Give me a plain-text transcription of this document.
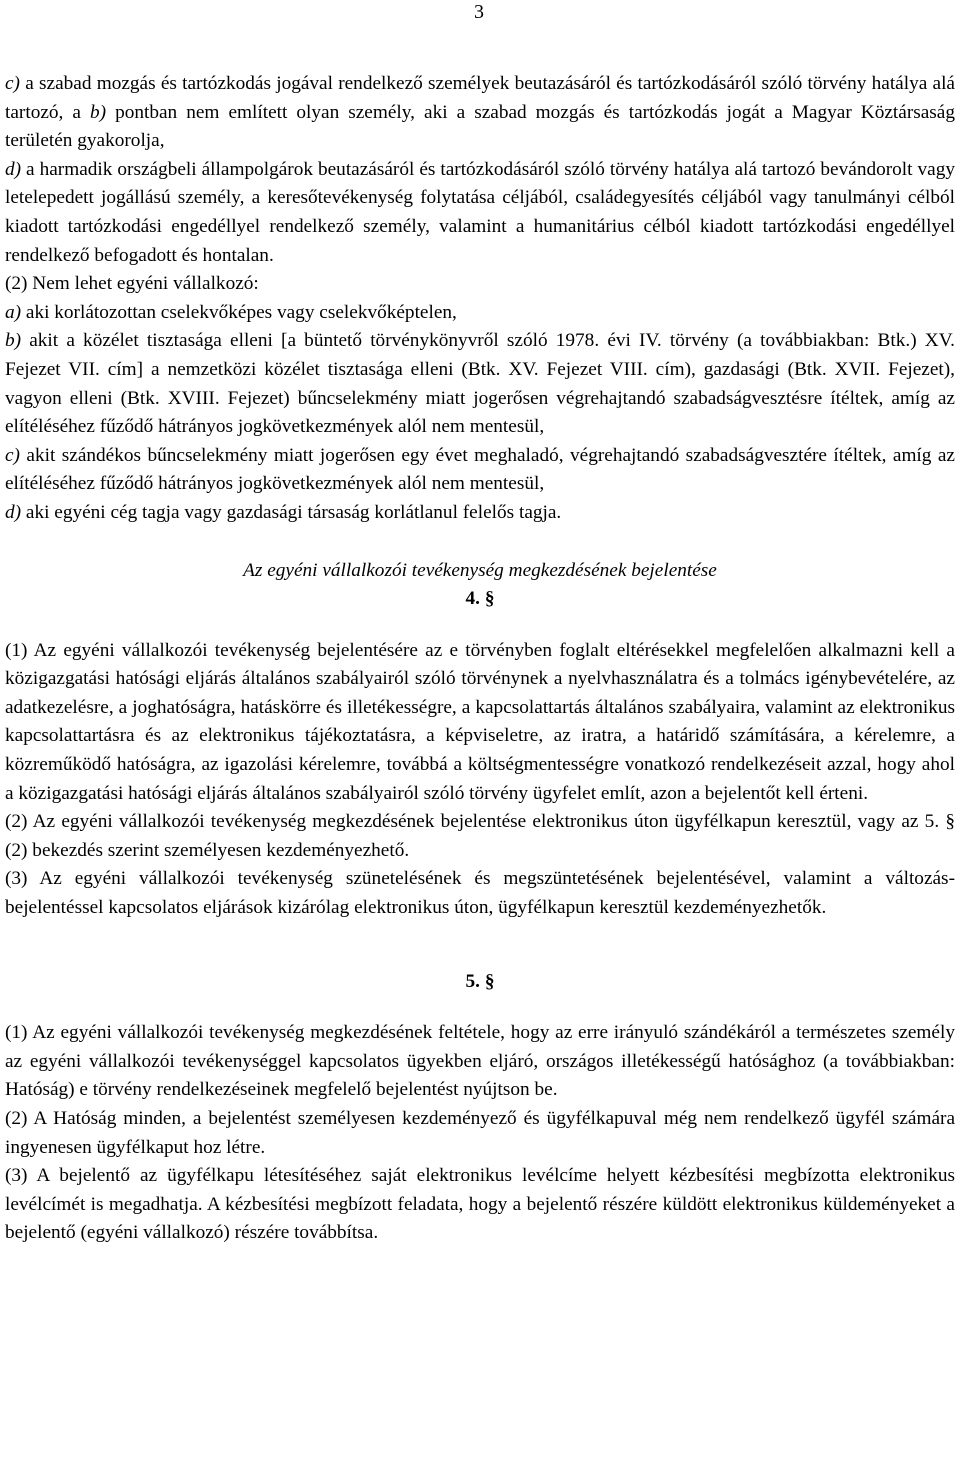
3

c) a szabad mozgás és tartózkodás jogával rendelkező személyek beutazásáról és tartózkodásáról szóló törvény hatálya alá tartozó, a b) pontban nem említett olyan személy, aki a szabad mozgás és tartózkodás jogát a Magyar Köztársaság területén gyakorolja,

d) a harmadik országbeli állampolgárok beutazásáról és tartózkodásáról szóló törvény hatálya alá tartozó bevándorolt vagy letelepedett jogállású személy, a keresőtevékenység folytatása céljából, családegyesítés céljából vagy tanulmányi célból kiadott tartózkodási engedéllyel rendelkező személy, valamint a humanitárius célból kiadott tartózkodási engedéllyel rendelkező befogadott és hontalan.

(2) Nem lehet egyéni vállalkozó:

a) aki korlátozottan cselekvőképes vagy cselekvőképtelen,

b) akit a közélet tisztasága elleni [a büntető törvénykönyvről szóló 1978. évi IV. törvény (a továbbiakban: Btk.) XV. Fejezet VII. cím] a nemzetközi közélet tisztasága elleni (Btk. XV. Fejezet VIII. cím), gazdasági (Btk. XVII. Fejezet), vagyon elleni (Btk. XVIII. Fejezet) bűncselekmény miatt jogerősen végrehajtandó szabadságvesztésre ítéltek, amíg az elítéléséhez fűződő hátrányos jogkövetkezmények alól nem mentesül,

c) akit szándékos bűncselekmény miatt jogerősen egy évet meghaladó, végrehajtandó szabadságvesztére ítéltek, amíg az elítéléséhez fűződő hátrányos jogkövetkezmények alól nem mentesül,

d) aki egyéni cég tagja vagy gazdasági társaság korlátlanul felelős tagja.

Az egyéni vállalkozói tevékenység megkezdésének bejelentése

4. §

(1) Az egyéni vállalkozói tevékenység bejelentésére az e törvényben foglalt eltérésekkel megfelelően alkalmazni kell a közigazgatási hatósági eljárás általános szabályairól szóló törvénynek a nyelvhasználatra és a tolmács igénybevételére, az adatkezelésre, a joghatóságra, hatáskörre és illetékességre, a kapcsolattartás általános szabályaira, valamint az elektronikus kapcsolattartásra és az elektronikus tájékoztatásra, a képviseletre, az iratra, a határidő számítására, a kérelemre, a közreműködő hatóságra, az igazolási kérelemre, továbbá a költségmentességre vonatkozó rendelkezéseit azzal, hogy ahol a közigazgatási hatósági eljárás általános szabályairól szóló törvény ügyfelet említ, azon a bejelentőt kell érteni.

(2) Az egyéni vállalkozói tevékenység megkezdésének bejelentése elektronikus úton ügyfélkapun keresztül, vagy az 5. § (2) bekezdés szerint személyesen kezdeményezhető.

(3) Az egyéni vállalkozói tevékenység szünetelésének és megszüntetésének bejelentésével, valamint a változás-bejelentéssel kapcsolatos eljárások kizárólag elektronikus úton, ügyfélkapun keresztül kezdeményezhetők.

5. §

(1) Az egyéni vállalkozói tevékenység megkezdésének feltétele, hogy az erre irányuló szándékáról a természetes személy az egyéni vállalkozói tevékenységgel kapcsolatos ügyekben eljáró, országos illetékességű hatósághoz (a továbbiakban: Hatóság) e törvény rendelkezéseinek megfelelő bejelentést nyújtson be.

(2) A Hatóság minden, a bejelentést személyesen kezdeményező és ügyfélkapuval még nem rendelkező ügyfél számára ingyenesen ügyfélkaput hoz létre.

(3) A bejelentő az ügyfélkapu létesítéséhez saját elektronikus levélcíme helyett kézbesítési megbízotta elektronikus levélcímét is megadhatja. A kézbesítési megbízott feladata, hogy a bejelentő részére küldött elektronikus küldeményeket a bejelentő (egyéni vállalkozó) részére továbbítsa.
